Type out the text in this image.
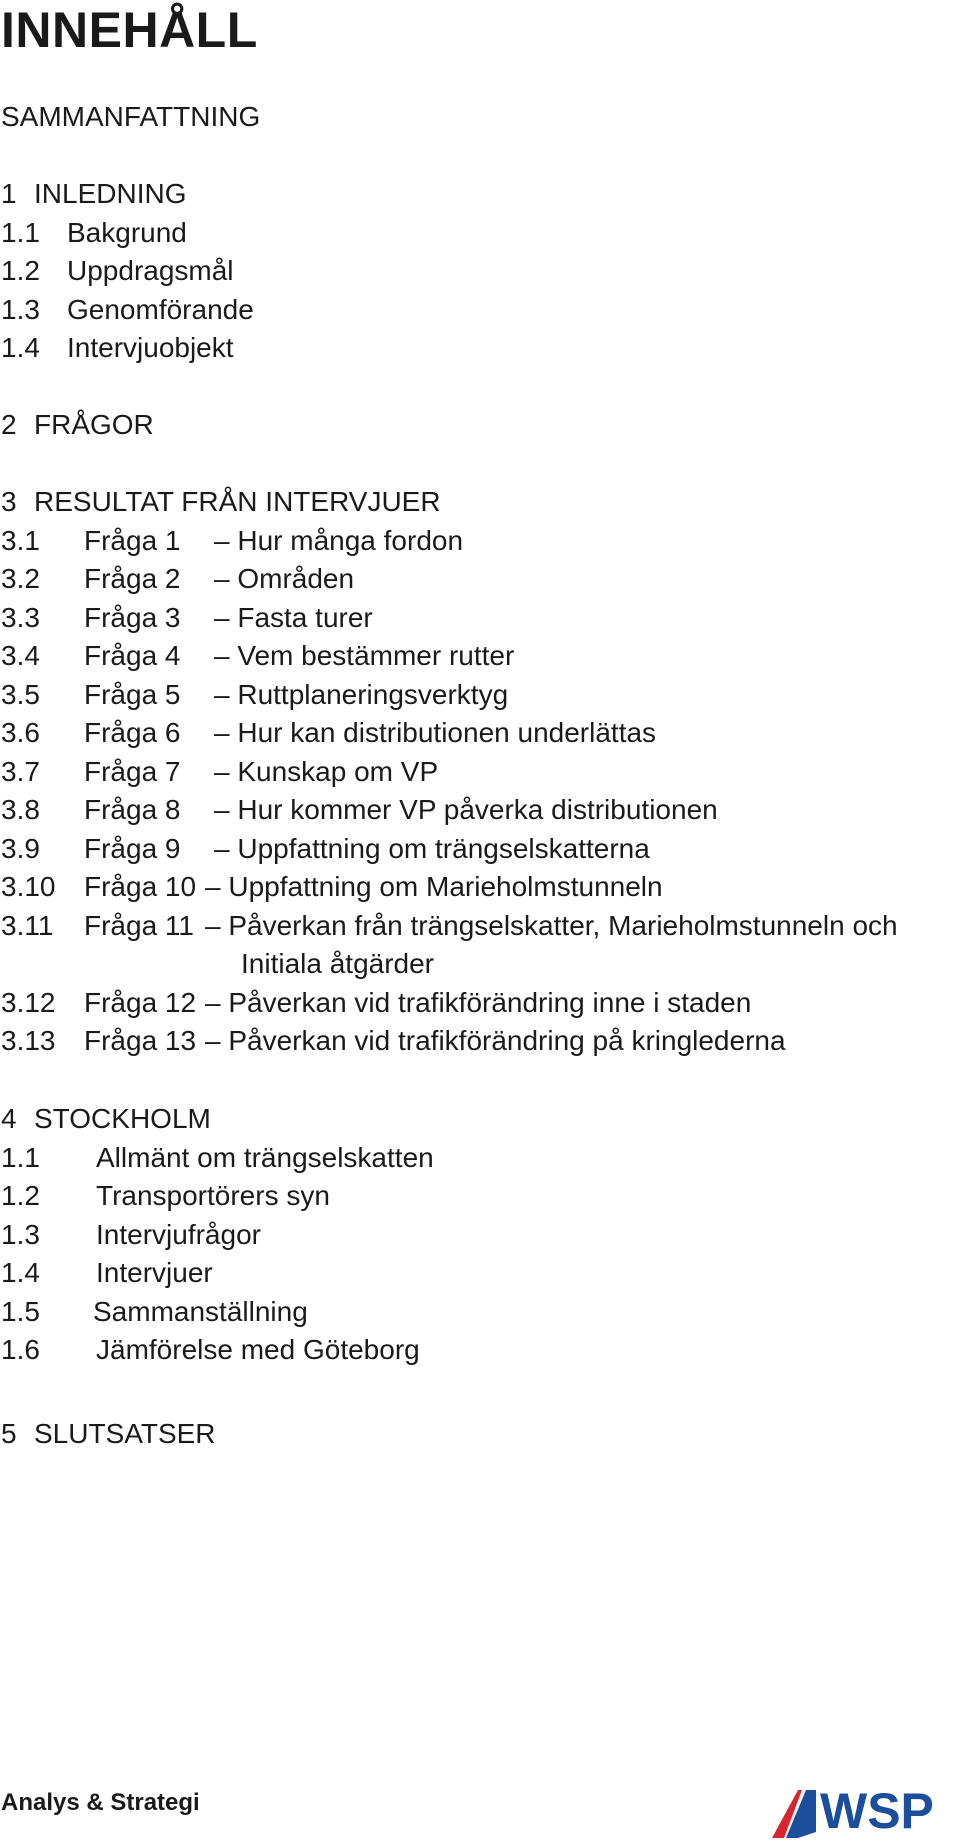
INNEHÅLL
SAMMANFATTNING
1 INLEDNING
1.1 Bakgrund
1.2 Uppdragsmål
1.3 Genomförande
1.4 Intervjuobjekt
2 FRÅGOR
3 RESULTAT FRÅN INTERVJUER
3.1 Fråga 1 – Hur många fordon
3.2 Fråga 2 – Områden
3.3 Fråga 3 – Fasta turer
3.4 Fråga 4 – Vem bestämmer rutter
3.5 Fråga 5 – Ruttplaneringsverktyg
3.6 Fråga 6 – Hur kan distributionen underlättas
3.7 Fråga 7 – Kunskap om VP
3.8 Fråga 8 – Hur kommer VP påverka distributionen
3.9 Fråga 9 – Uppfattning om trängselskatterna
3.10 Fråga 10 – Uppfattning om Marieholmstunneln
3.11 Fråga 11 – Påverkan från trängselskatter, Marieholmstunneln och
Initiala åtgärder
3.12 Fråga 12 – Påverkan vid trafikförändring inne i staden
3.13 Fråga 13 – Påverkan vid trafikförändring på kringlederna
4 STOCKHOLM
1.1 Allmänt om trängselskatten
1.2 Transportörers syn
1.3 Intervjufrågor
1.4 Intervjuer
1.5 Sammanställning
1.6 Jämförelse med Göteborg
5 SLUTSATSER
Analys & Strategi	WSP
